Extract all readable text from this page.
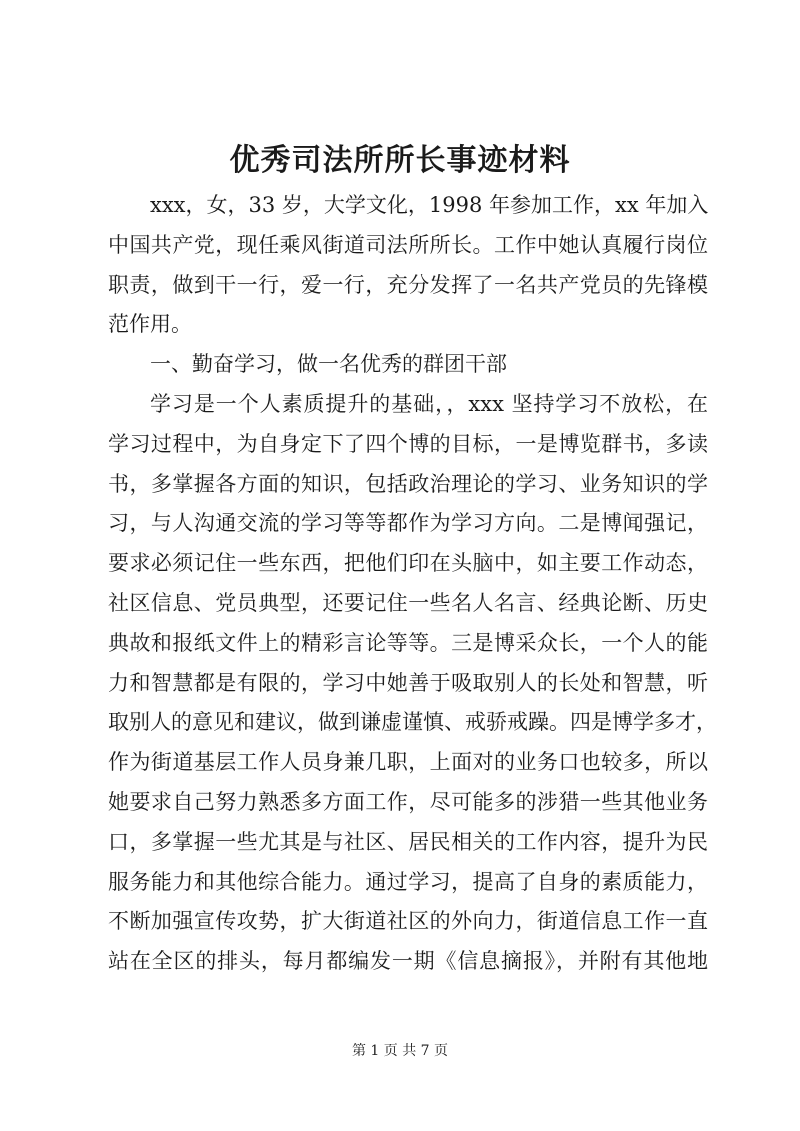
优秀司法所所长事迹材料

xxx，女，33 岁，大学文化，1998 年参加工作，xx 年加入

中国共产党，现任乘风街道司法所所长。工作中她认真履行岗位

职责，做到干一行，爱一行，充分发挥了一名共产党员的先锋模

范作用。

一、勤奋学习，做一名优秀的群团干部

学习是一个人素质提升的基础，，xxx 坚持学习不放松，在

学习过程中，为自身定下了四个博的目标，一是博览群书，多读

书，多掌握各方面的知识，包括政治理论的学习、业务知识的学

习，与人沟通交流的学习等等都作为学习方向。二是博闻强记，

要求必须记住一些东西，把他们印在头脑中，如主要工作动态，

社区信息、党员典型，还要记住一些名人名言、经典论断、历史

典故和报纸文件上的精彩言论等等。三是博采众长，一个人的能

力和智慧都是有限的，学习中她善于吸取别人的长处和智慧，听

取别人的意见和建议，做到谦虚谨慎、戒骄戒躁。四是博学多才，

作为街道基层工作人员身兼几职，上面对的业务口也较多，所以

她要求自己努力熟悉多方面工作，尽可能多的涉猎一些其他业务

口，多掌握一些尤其是与社区、居民相关的工作内容，提升为民

服务能力和其他综合能力。通过学习，提高了自身的素质能力，

不断加强宣传攻势，扩大街道社区的外向力，街道信息工作一直

站在全区的排头，每月都编发一期《信息摘报》，并附有其他地

第 1 页 共 7 页
